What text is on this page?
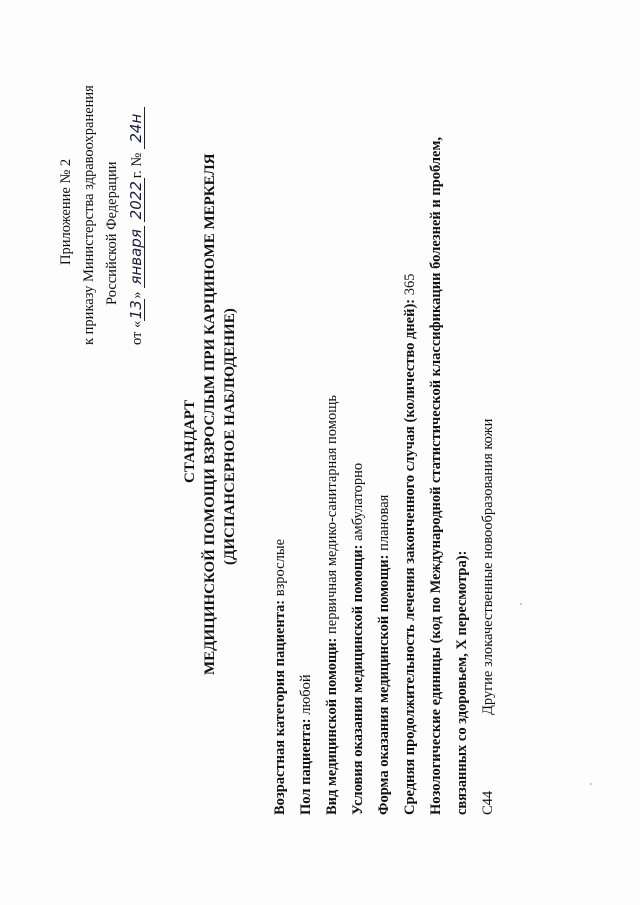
Приложение № 2 к приказу Министерства здравоохранения Российской Федерации
от «13» января 2022г. № 24н
СТАНДАРТ МЕДИЦИНСКОЙ ПОМОЩИ ВЗРОСЛЫМ ПРИ КАРЦИНОМЕ МЕРКЕЛЯ (ДИСПАНСЕРНОЕ НАБЛЮДЕНИЕ)
Возрастная категория пациента: взрослые
Пол пациента: любой Вид медицинской помощи: первичная медико-санитарная помощь
Условия оказания медицинской помощи: амбулаторно
Форма оказания медицинской помощи: плановая Средняя продолжительность лечения законченного случая (количество дней): 365 Нозологические единицы (код по Международной статистической классификации болезней и проблем, связанных со здоровьем, X пересмотра): C44Другие злокачественные новообразования кожи
